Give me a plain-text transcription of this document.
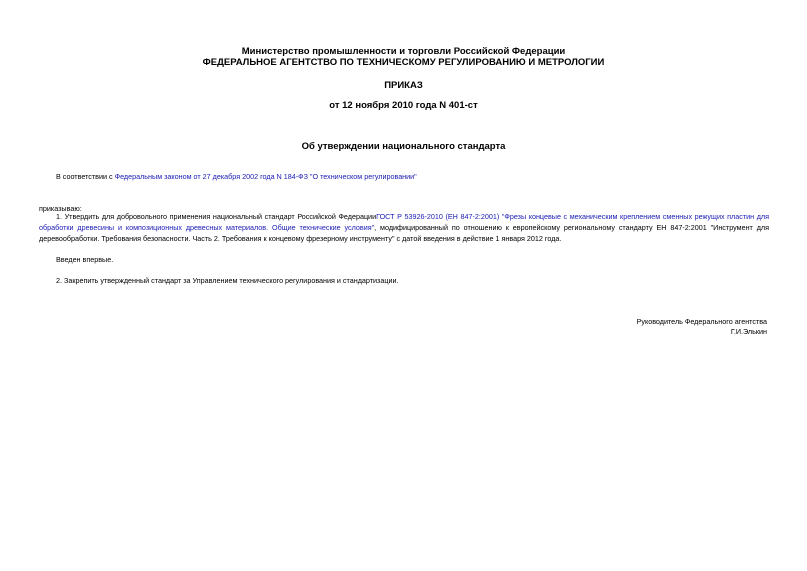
Министерство промышленности и торговли Российской Федерации
ФЕДЕРАЛЬНОЕ АГЕНТСТВО ПО ТЕХНИЧЕСКОМУ РЕГУЛИРОВАНИЮ И МЕТРОЛОГИИ
ПРИКАЗ
от 12 ноября 2010 года N 401-ст
Об утверждении национального стандарта
В соответствии с Федеральным законом от 27 декабря 2002 года N 184-ФЗ "О техническом регулировании"
приказываю:
1. Утвердить для добровольного применения национальный стандарт Российской ФедерацииГОСТ Р 53926-2010 (ЕН 847-2:2001) "Фрезы концевые с механическим креплением сменных режущих пластин для обработки древесины и композиционных древесных материалов. Общие технические условия", модифицированный по отношению к европейскому региональному стандарту ЕН 847-2:2001 "Инструмент для деревообработки. Требования безопасности. Часть 2. Требования к концевому фрезерному инструменту" с датой введения в действие 1 января 2012 года.
Введен впервые.
2. Закрепить утвержденный стандарт за Управлением технического регулирования и стандартизации.
Руководитель Федерального агентства
Г.И.Элькин
